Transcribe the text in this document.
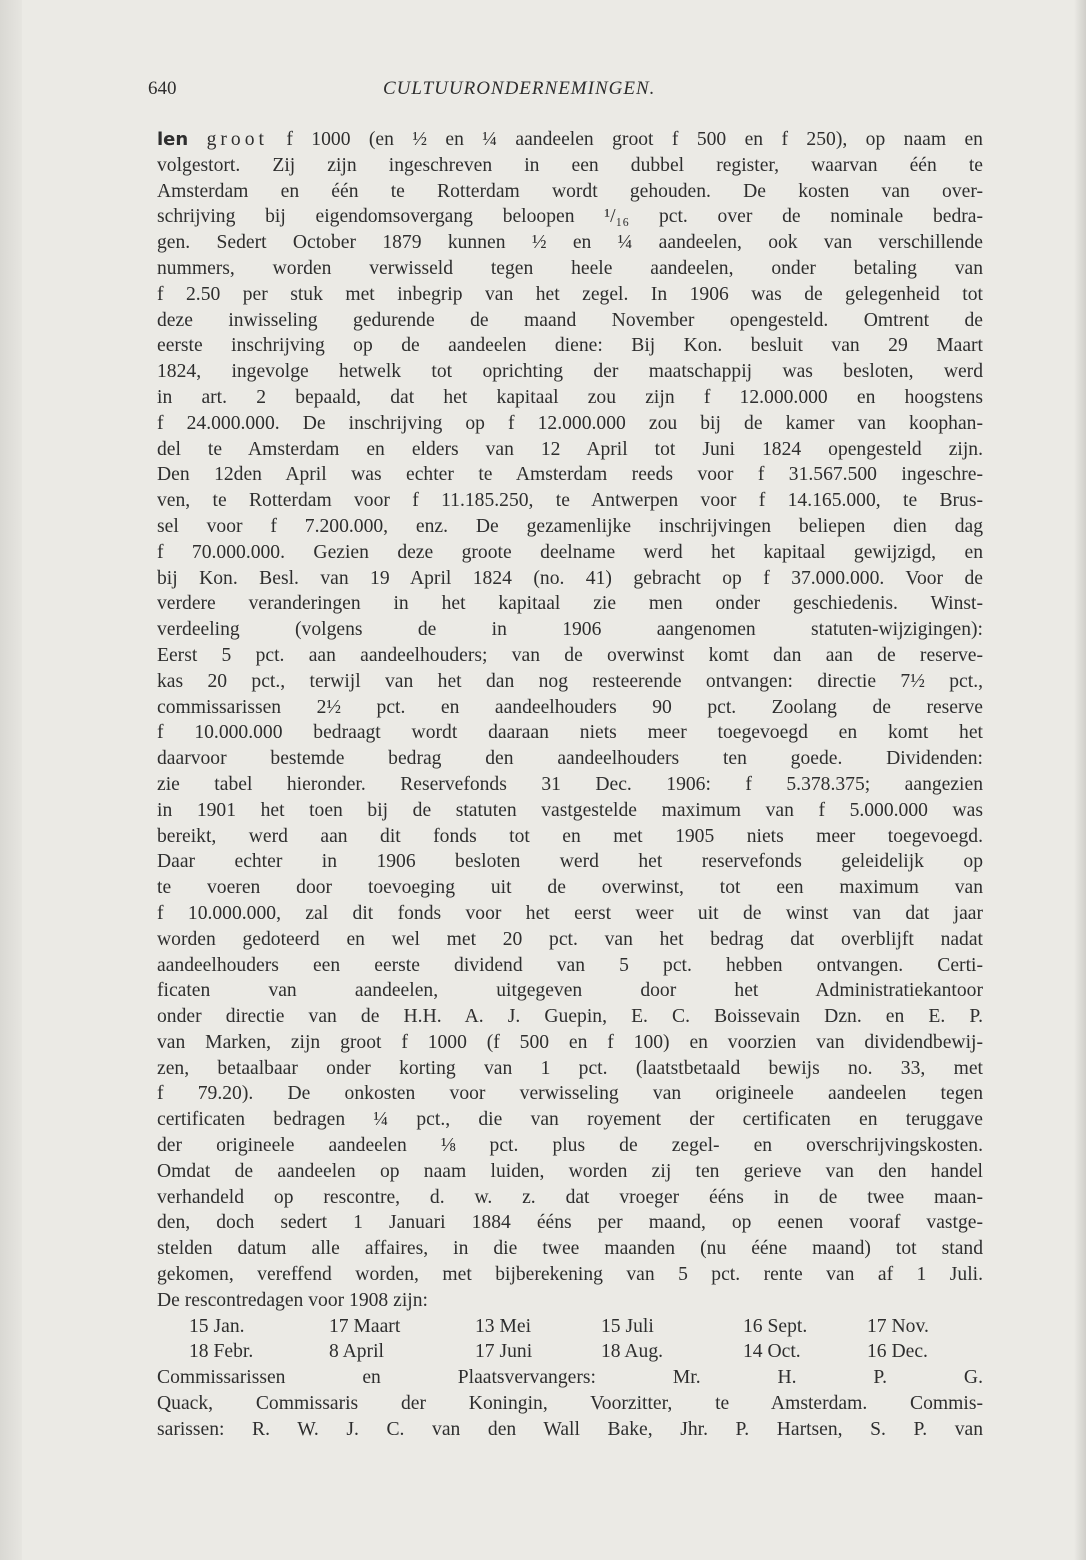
640	CULTUURONDERNEMINGEN.
len groot f 1000 (en ½ en ¼ aandeelen groot f 500 en f 250), op naam en
volgestort. Zij zijn ingeschreven in een dubbel register, waarvan één te
Amsterdam en één te Rotterdam wordt gehouden. De kosten van over-
schrijving bij eigendomsovergang beloopen ¹/₁₆ pct. over de nominale bedra-
gen. Sedert October 1879 kunnen ½ en ¼ aandeelen, ook van verschillende
nummers, worden verwisseld tegen heele aandeelen, onder betaling van
f 2.50 per stuk met inbegrip van het zegel. In 1906 was de gelegenheid tot
deze inwisseling gedurende de maand November opengesteld. Omtrent de
eerste inschrijving op de aandeelen diene: Bij Kon. besluit van 29 Maart
1824, ingevolge hetwelk tot oprichting der maatschappij was besloten, werd
in art. 2 bepaald, dat het kapitaal zou zijn f 12.000.000 en hoogstens
f 24.000.000. De inschrijving op f 12.000.000 zou bij de kamer van koophan-
del te Amsterdam en elders van 12 April tot Juni 1824 opengesteld zijn.
Den 12den April was echter te Amsterdam reeds voor f 31.567.500 ingeschre-
ven, te Rotterdam voor f 11.185.250, te Antwerpen voor f 14.165.000, te Brus-
sel voor f 7.200.000, enz. De gezamenlijke inschrijvingen beliepen dien dag
f 70.000.000. Gezien deze groote deelname werd het kapitaal gewijzigd, en
bij Kon. Besl. van 19 April 1824 (no. 41) gebracht op f 37.000.000. Voor de
verdere veranderingen in het kapitaal zie men onder geschiedenis. Winst-
verdeeling (volgens de in 1906 aangenomen statuten-wijzigingen):
Eerst 5 pct. aan aandeelhouders; van de overwinst komt dan aan de reserve-
kas 20 pct., terwijl van het dan nog resteerende ontvangen: directie 7½ pct.,
commissarissen 2½ pct. en aandeelhouders 90 pct. Zoolang de reserve
f 10.000.000 bedraagt wordt daaraan niets meer toegevoegd en komt het
daarvoor bestemde bedrag den aandeelhouders ten goede. Dividenden:
zie tabel hieronder. Reservefonds 31 Dec. 1906: f 5.378.375; aangezien
in 1901 het toen bij de statuten vastgestelde maximum van f 5.000.000 was
bereikt, werd aan dit fonds tot en met 1905 niets meer toegevoegd.
Daar echter in 1906 besloten werd het reservefonds geleidelijk op
te voeren door toevoeging uit de overwinst, tot een maximum van
f 10.000.000, zal dit fonds voor het eerst weer uit de winst van dat jaar
worden gedoteerd en wel met 20 pct. van het bedrag dat overblijft nadat
aandeelhouders een eerste dividend van 5 pct. hebben ontvangen. Certi-
ficaten van aandeelen, uitgegeven door het Administratiekantoor
onder directie van de H.H. A. J. Guepin, E. C. Boissevain Dzn. en E. P.
van Marken, zijn groot f 1000 (f 500 en f 100) en voorzien van dividendbewij-
zen, betaalbaar onder korting van 1 pct. (laatstbetaald bewijs no. 33, met
f 79.20). De onkosten voor verwisseling van origineele aandeelen tegen
certificaten bedragen ¼ pct., die van royement der certificaten en teruggave
der origineele aandeelen ⅛ pct. plus de zegel- en overschrijvingskosten.
Omdat de aandeelen op naam luiden, worden zij ten gerieve van den handel
verhandeld op rescontre, d. w. z. dat vroeger ééns in de twee maan-
den, doch sedert 1 Januari 1884 ééns per maand, op eenen vooraf vastge-
stelden datum alle affaires, in die twee maanden (nu ééne maand) tot stand
gekomen, vereffend worden, met bijberekening van 5 pct. rente van af 1 Juli.
De rescontredagen voor 1908 zijn:
15 Jan.	17 Maart	13 Mei	15 Juli	16 Sept.	17 Nov.
18 Febr.	8 April	17 Juni	18 Aug.	14 Oct.	16 Dec.
Commissarissen en Plaatsvervangers: Mr. H. P. G.
Quack, Commissaris der Koningin, Voorzitter, te Amsterdam. Commis-
sarissen: R. W. J. C. van den Wall Bake, Jhr. P. Hartsen, S. P. van
